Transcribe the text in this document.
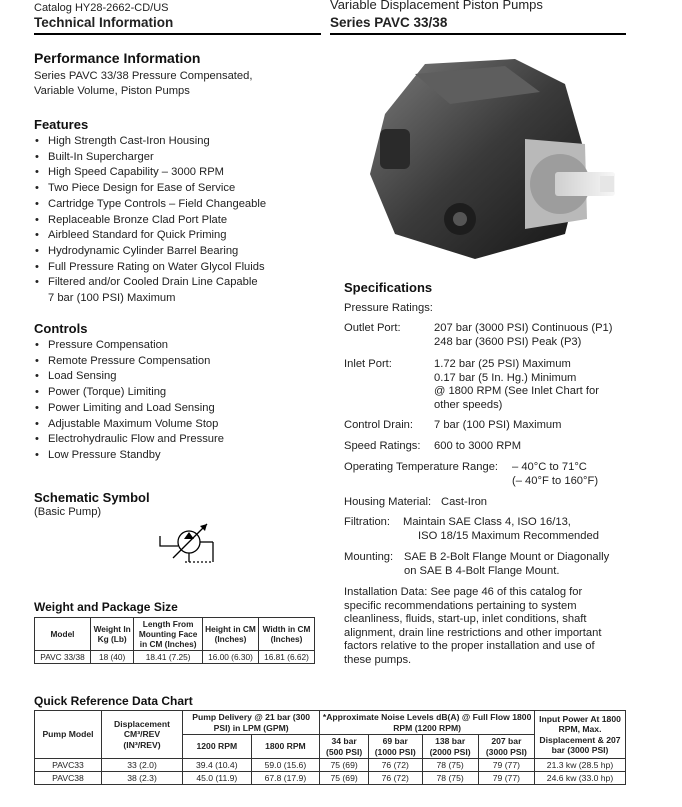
Catalog HY28-2662-CD/US
Technical Information
Variable Displacement Piston Pumps
Series PAVC 33/38
Performance Information
Series PAVC 33/38 Pressure Compensated,
Variable Volume, Piston Pumps
Features
• High Strength Cast-Iron Housing
• Built-In Supercharger
• High Speed Capability – 3000 RPM
• Two Piece Design for Ease of Service
• Cartridge Type Controls – Field Changeable
• Replaceable Bronze Clad Port Plate
• Airbleed Standard for Quick Priming
• Hydrodynamic Cylinder Barrel Bearing
• Full Pressure Rating on Water Glycol Fluids
• Filtered and/or Cooled Drain Line Capable
7 bar (100 PSI) Maximum
Controls
• Pressure Compensation
• Remote Pressure Compensation
• Load Sensing
• Power (Torque) Limiting
• Power Limiting and Load Sensing
• Adjustable Maximum Volume Stop
• Electrohydraulic Flow and Pressure
• Low Pressure Standby
Schematic Symbol
(Basic Pump)
Weight and Package Size
Model	Weight In Kg (Lb)	Length From Mounting Face in CM (Inches)	Height in CM (Inches)	Width in CM (Inches)
PAVC 33/38	18 (40)	18.41 (7.25)	16.00 (6.30)	16.81 (6.62)
Specifications
Pressure Ratings:
Outlet Port:	207 bar (3000 PSI) Continuous (P1)
248 bar (3600 PSI) Peak (P3)
Inlet Port:	1.72 bar (25 PSI) Maximum
0.17 bar (5 In. Hg.) Minimum
@ 1800 RPM (See Inlet Chart for
other speeds)
Control Drain: 7 bar (100 PSI) Maximum
Speed Ratings: 600 to 3000 RPM
Operating Temperature Range: – 40°C to 71°C
(– 40°F to 160°F)
Housing Material: Cast-Iron
Filtration: Maintain SAE Class 4, ISO 16/13,
ISO 18/15 Maximum Recommended
Mounting: SAE B 2-Bolt Flange Mount or Diagonally
on SAE B 4-Bolt Flange Mount.
Installation Data: See page 46 of this catalog for
specific recommendations pertaining to system
cleanliness, fluids, start-up, inlet conditions, shaft
alignment, drain line restrictions and other important
factors relative to the proper installation and use of
these pumps.
Quick Reference Data Chart
Pump Model	Displacement
CM³/REV
(IN³/REV)	Pump Delivery @ 21 bar (300 PSI) in LPM (GPM)		*Approximate Noise Levels dB(A) @ Full Flow 1800 RPM (1200 RPM)				Input Power At 1800 RPM, Max. Displacement & 207 bar (3000 PSI)
		1200 RPM	1800 RPM	34 bar (500 PSI)	69 bar (1000 PSI)	138 bar (2000 PSI)	207 bar (3000 PSI)	
PAVC33	33 (2.0)	39.4 (10.4)	59.0 (15.6)	75 (69)	76 (72)	78 (75)	79 (77)	21.3 kw (28.5 hp)
PAVC38	38 (2.3)	45.0 (11.9)	67.8 (17.9)	75 (69)	76 (72)	78 (75)	79 (77)	24.6 kw (33.0 hp)
